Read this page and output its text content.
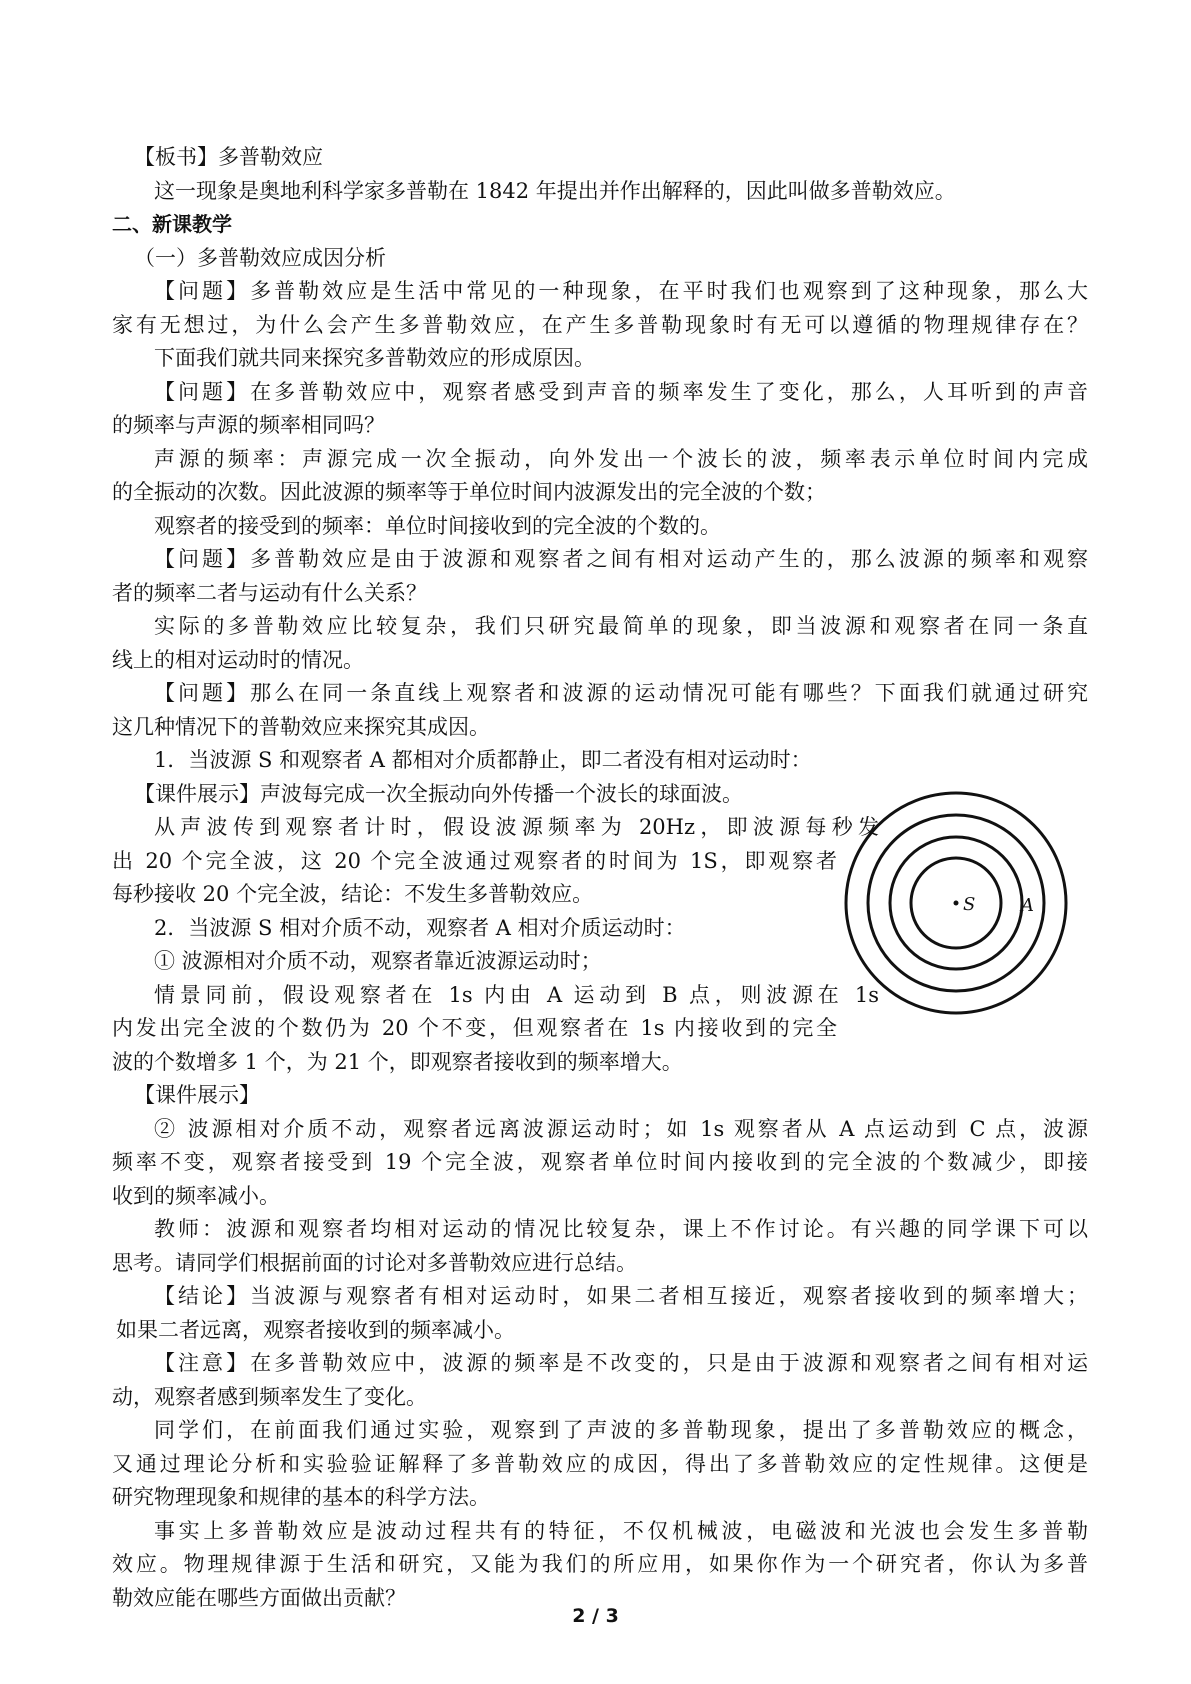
【板书】多普勒效应
这一现象是奥地利科学家多普勒在 1842 年提出并作出解释的，因此叫做多普勒效应。
二、新课教学
（一）多普勒效应成因分析
【问题】多普勒效应是生活中常见的一种现象，在平时我们也观察到了这种现象，那么大
家有无想过，为什么会产生多普勒效应，在产生多普勒现象时有无可以遵循的物理规律存在？
下面我们就共同来探究多普勒效应的形成原因。
【问题】在多普勒效应中，观察者感受到声音的频率发生了变化，那么，人耳听到的声音
的频率与声源的频率相同吗？
声源的频率：声源完成一次全振动，向外发出一个波长的波，频率表示单位时间内完成
的全振动的次数。因此波源的频率等于单位时间内波源发出的完全波的个数；
观察者的接受到的频率：单位时间接收到的完全波的个数的。
【问题】多普勒效应是由于波源和观察者之间有相对运动产生的，那么波源的频率和观察
者的频率二者与运动有什么关系？
实际的多普勒效应比较复杂，我们只研究最简单的现象，即当波源和观察者在同一条直
线上的相对运动时的情况。
【问题】那么在同一条直线上观察者和波源的运动情况可能有哪些？下面我们就通过研究
这几种情况下的普勒效应来探究其成因。
1．当波源 S 和观察者 A 都相对介质都静止，即二者没有相对运动时：
【课件展示】声波每完成一次全振动向外传播一个波长的球面波。
从声波传到观察者计时，假设波源频率为 20Hz，即波源每秒发
出 20 个完全波，这 20 个完全波通过观察者的时间为 1S，即观察者
每秒接收 20 个完全波，结论：不发生多普勒效应。
2．当波源 S 相对介质不动，观察者 A 相对介质运动时：
① 波源相对介质不动，观察者靠近波源运动时；
情景同前，假设观察者在 1s 内由 A 运动到 B 点，则波源在 1s
内发出完全波的个数仍为 20 个不变，但观察者在 1s 内接收到的完全
波的个数增多 1 个，为 21 个，即观察者接收到的频率增大。
【课件展示】
② 波源相对介质不动，观察者远离波源运动时；如 1s 观察者从 A 点运动到 C 点，波源
频率不变，观察者接受到 19 个完全波，观察者单位时间内接收到的完全波的个数减少，即接
收到的频率减小。
教师：波源和观察者均相对运动的情况比较复杂，课上不作讨论。有兴趣的同学课下可以
思考。请同学们根据前面的讨论对多普勒效应进行总结。
【结论】当波源与观察者有相对运动时，如果二者相互接近，观察者接收到的频率增大；
如果二者远离，观察者接收到的频率减小。
【注意】在多普勒效应中，波源的频率是不改变的，只是由于波源和观察者之间有相对运
动，观察者感到频率发生了变化。
同学们，在前面我们通过实验，观察到了声波的多普勒现象，提出了多普勒效应的概念，
又通过理论分析和实验验证解释了多普勒效应的成因，得出了多普勒效应的定性规律。这便是
研究物理现象和规律的基本的科学方法。
事实上多普勒效应是波动过程共有的特征，不仅机械波，电磁波和光波也会发生多普勒
效应。物理规律源于生活和研究，又能为我们的所应用，如果你作为一个研究者，你认为多普
勒效应能在哪些方面做出贡献？
S	A
2 / 3
